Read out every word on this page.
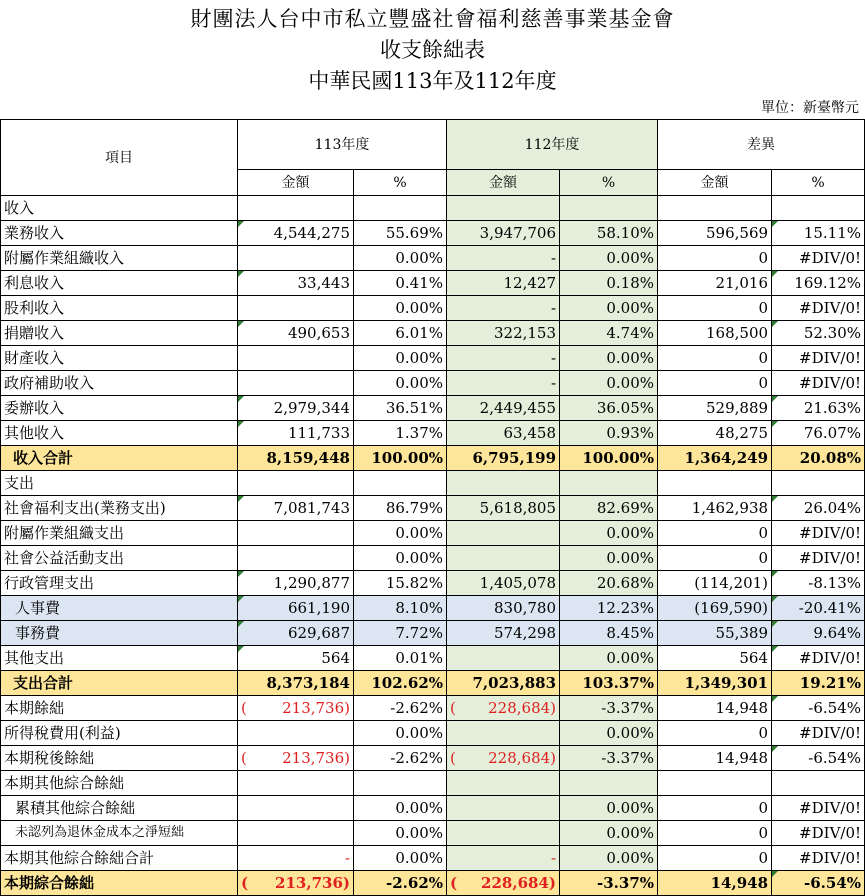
財團法人台中市私立豐盛社會福利慈善事業基金會
收支餘絀表
中華民國113年及112年度
單位：新臺幣元
項目	113年度		112年度		差異	
	金額	%	金額	%	金額	%
收入						
業務收入	4,544,275	55.69%	3,947,706	58.10%	596,569	15.11%
附屬作業組織收入		0.00%	-	0.00%	0	#DIV/0!
利息收入	33,443	0.41%	12,427	0.18%	21,016	169.12%
股利收入		0.00%	-	0.00%	0	#DIV/0!
捐贈收入	490,653	6.01%	322,153	4.74%	168,500	52.30%
財產收入		0.00%	-	0.00%	0	#DIV/0!
政府補助收入		0.00%	-	0.00%	0	#DIV/0!
委辦收入	2,979,344	36.51%	2,449,455	36.05%	529,889	21.63%
其他收入	111,733	1.37%	63,458	0.93%	48,275	76.07%
收入合計	8,159,448	100.00%	6,795,199	100.00%	1,364,249	20.08%
支出						
社會福利支出(業務支出)	7,081,743	86.79%	5,618,805	82.69%	1,462,938	26.04%
附屬作業組織支出		0.00%		0.00%	0	#DIV/0!
社會公益活動支出		0.00%		0.00%	0	#DIV/0!
行政管理支出	1,290,877	15.82%	1,405,078	20.68%	(114,201)	-8.13%
人事費	661,190	8.10%	830,780	12.23%	(169,590)	-20.41%
事務費	629,687	7.72%	574,298	8.45%	55,389	9.64%
其他支出	564	0.01%		0.00%	564	#DIV/0!
支出合計	8,373,184	102.62%	7,023,883	103.37%	1,349,301	19.21%
本期餘絀	( 213,736)	-2.62%	( 228,684)	-3.37%	14,948	-6.54%
所得稅費用(利益)		0.00%		0.00%	0	#DIV/0!
本期稅後餘絀	( 213,736)	-2.62%	( 228,684)	-3.37%	14,948	-6.54%
本期其他綜合餘絀						
累積其他綜合餘絀		0.00%		0.00%	0	#DIV/0!
未認列為退休金成本之淨短絀		0.00%		0.00%	0	#DIV/0!
本期其他綜合餘絀合計	-	0.00%	-	0.00%	0	#DIV/0!
本期綜合餘絀	( 213,736)	-2.62%	( 228,684)	-3.37%	14,948	-6.54%
